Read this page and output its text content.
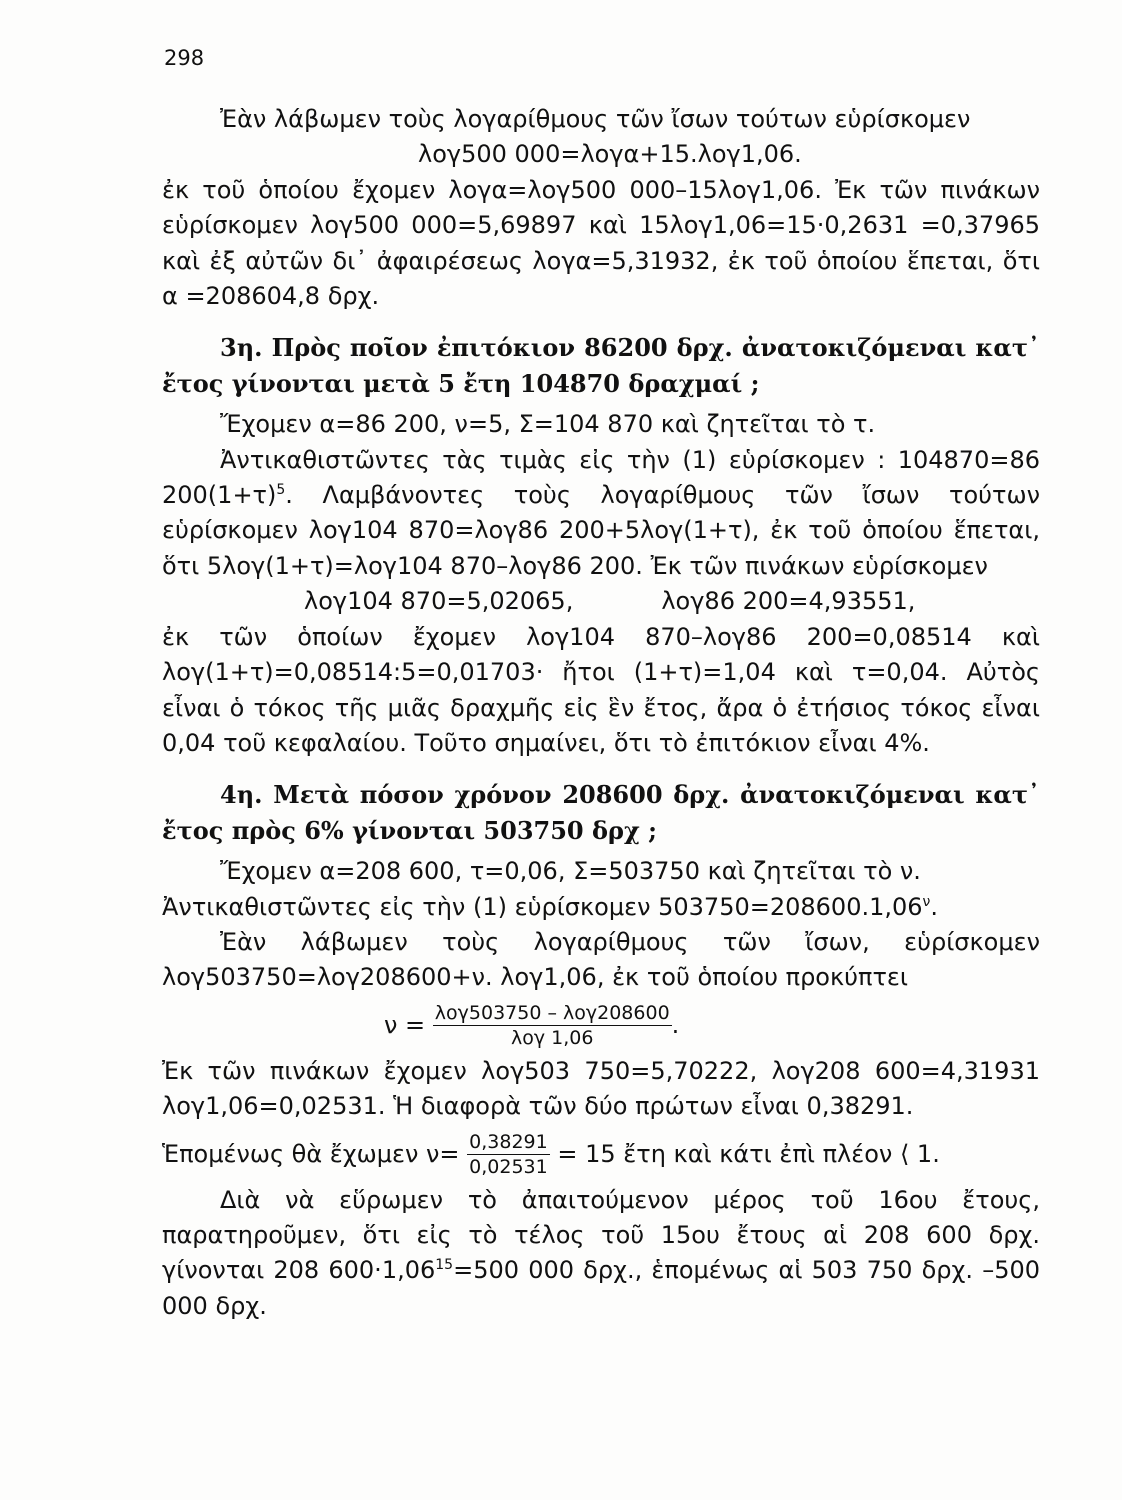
298

Ἐὰν λάβωμεν τοὺς λογαρίθμους τῶν ἴσων τούτων εὑρίσκομεν

λογ500 000=λογα+15.λογ1,06.

ἐκ τοῦ ὁποίου ἔχομεν λογα=λογ500 000–15λογ1,06. Ἐκ τῶν πινάκων εὑρίσκομεν λογ500 000=5,69897 καὶ 15λογ1,06=15·0,2631 =0,37965 καὶ ἐξ αὐτῶν δι᾽ ἀφαιρέσεως λογα=5,31932, ἐκ τοῦ ὁποίου ἕπεται, ὅτι α =208604,8 δρχ.

3η. Πρὸς ποῖον ἐπιτόκιον 86200 δρχ. ἀνατοκιζόμεναι κατ᾽ ἔτος γίνονται μετὰ 5 ἔτη 104870 δραχμαί ;

Ἔχομεν α=86 200, ν=5, Σ=104 870 καὶ ζητεῖται τὸ τ.

Ἀντικαθιστῶντες τὰς τιμὰς εἰς τὴν (1) εὑρίσκομεν : 104870=86 $200(1+\tau)^5$. Λαμβάνοντες τοὺς λογαρίθμους τῶν ἴσων τούτων εὑρίσκομεν λογ104 870=λογ86 200+5λογ(1+τ), ἐκ τοῦ ὁποίου ἕπεται, ὅτι 5λογ(1+τ)=λογ104 870–λογ86 200. Ἐκ τῶν πινάκων εὑρίσκομεν

λογ104 870=5,02065,	λογ86 200=4,93551,

ἐκ τῶν ὁποίων ἔχομεν λογ104 870–λογ86 200=0,08514 καὶ λογ(1+τ)=0,08514:5=0,01703· ἤτοι (1+τ)=1,04 καὶ τ=0,04. Αὐτὸς εἶναι ὁ τόκος τῆς μιᾶς δραχμῆς εἰς ἓν ἔτος, ἄρα ὁ ἐτήσιος τόκος εἶναι 0,04 τοῦ κεφαλαίου. Τοῦτο σημαίνει, ὅτι τὸ ἐπιτόκιον εἶναι 4%.

4η. Μετὰ πόσον χρόνον 208600 δρχ. ἀνατοκιζόμεναι κατ᾽ ἔτος πρὸς 6% γίνονται 503750 δρχ ;

Ἔχομεν α=208 600, τ=0,06, Σ=503750 καὶ ζητεῖται τὸ ν.

Ἀντικαθιστῶντες εἰς τὴν (1) εὑρίσκομεν $503750=208600.1,06^\nu$.

Ἐὰν λάβωμεν τοὺς λογαρίθμους τῶν ἴσων, εὑρίσκομεν λογ503750=λογ208600+ν. λογ1,06, ἐκ τοῦ ὁποίου προκύπτει

$\nu = \frac{\text{λογ503750 – λογ208600}}{\text{λογ 1,06}}$ .

Ἐκ τῶν πινάκων ἔχομεν λογ503 750=5,70222, λογ208 600=4,31931 λογ1,06=0,02531. Ἡ διαφορὰ τῶν δύο πρώτων εἶναι 0,38291.

Ἑπομένως θὰ ἔχωμεν $\nu= \frac{0,38291}{0,02531} = 15$ ἔτη καὶ κάτι ἐπὶ πλέον ⟨ 1.

Διὰ νὰ εὕρωμεν τὸ ἀπαιτούμενον μέρος τοῦ 16ου ἔτους, παρατηροῦμεν, ὅτι εἰς τὸ τέλος τοῦ 15ου ἔτους αἱ 208 600 δρχ. γίνονται 208 $600\cdot 1,06^{15}=500$ 000 δρχ., ἑπομένως αἱ 503 750 δρχ. –500 000 δρχ.
